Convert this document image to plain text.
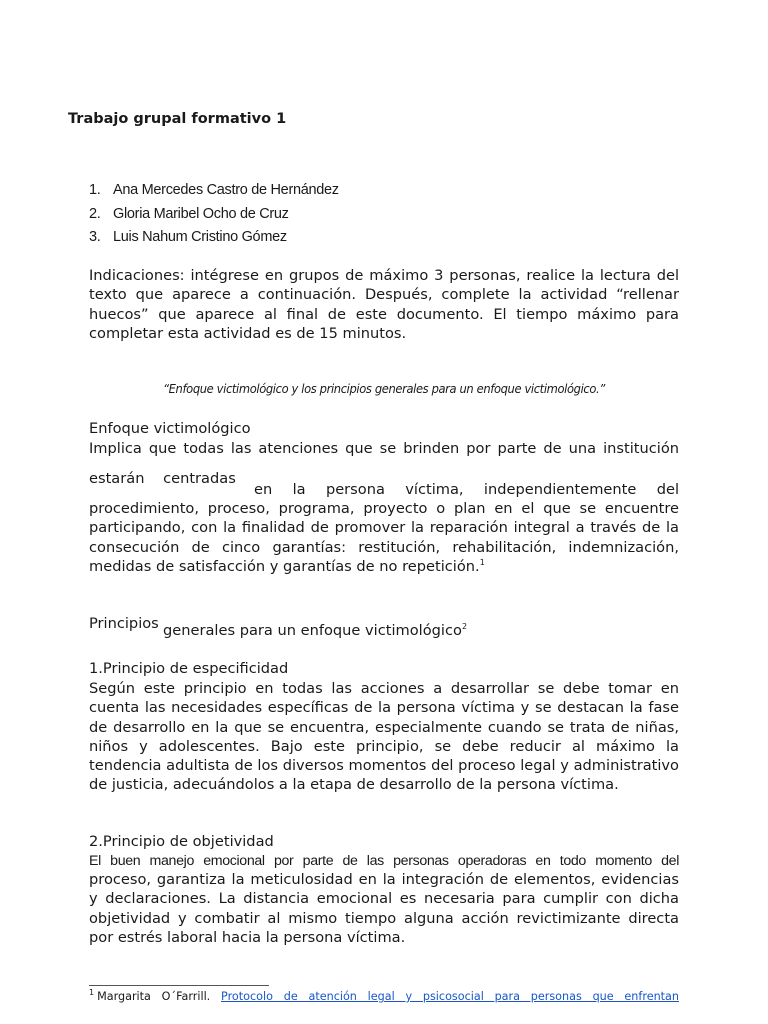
Trabajo grupal formativo 1
1. Ana Mercedes Castro de Hernández
2. Gloria Maribel Ocho de Cruz
3. Luis Nahum Cristino Gómez

Indicaciones: intégrese en grupos de máximo 3 personas, realice la lectura del texto que aparece a continuación. Después, complete la actividad “rellenar huecos” que aparece al final de este documento. El tiempo máximo para completar esta actividad es de 15 minutos.

“Enfoque victimológico y los principios generales para un enfoque victimológico.”

Enfoque victimológico

Implica que todas las atenciones que se brinden por parte de una institución

estarán centradas

en la persona víctima, independientemente del

procedimiento, proceso, programa, proyecto o plan en el que se encuentre participando, con la finalidad de promover la reparación integral a través de la consecución de cinco garantías: restitución, rehabilitación, indemnización, medidas de satisfacción y garantías de no repetición.$^1$

Principios generales para un enfoque victimológico$^2$

1.Principio de especificidad

Según este principio en todas las acciones a desarrollar se debe tomar en cuenta las necesidades específicas de la persona víctima y se destacan la fase de desarrollo en la que se encuentra, especialmente cuando se trata de niñas, niños y adolescentes. Bajo este principio, se debe reducir al máximo la tendencia adultista de los diversos momentos del proceso legal y administrativo de justicia, adecuándolos a la etapa de desarrollo de la persona víctima.

2.Principio de objetividad

El buen manejo emocional por parte de las personas operadoras en todo momento del

proceso, garantiza la meticulosidad en la integración de elementos, evidencias y declaraciones. La distancia emocional es necesaria para cumplir con dicha objetividad y combatir al mismo tiempo alguna acción revictimizante directa por estrés laboral hacia la persona víctima.

$^1$ Margarita O´Farrill. Protocolo de atención legal y psicosocial para personas que enfrentan
